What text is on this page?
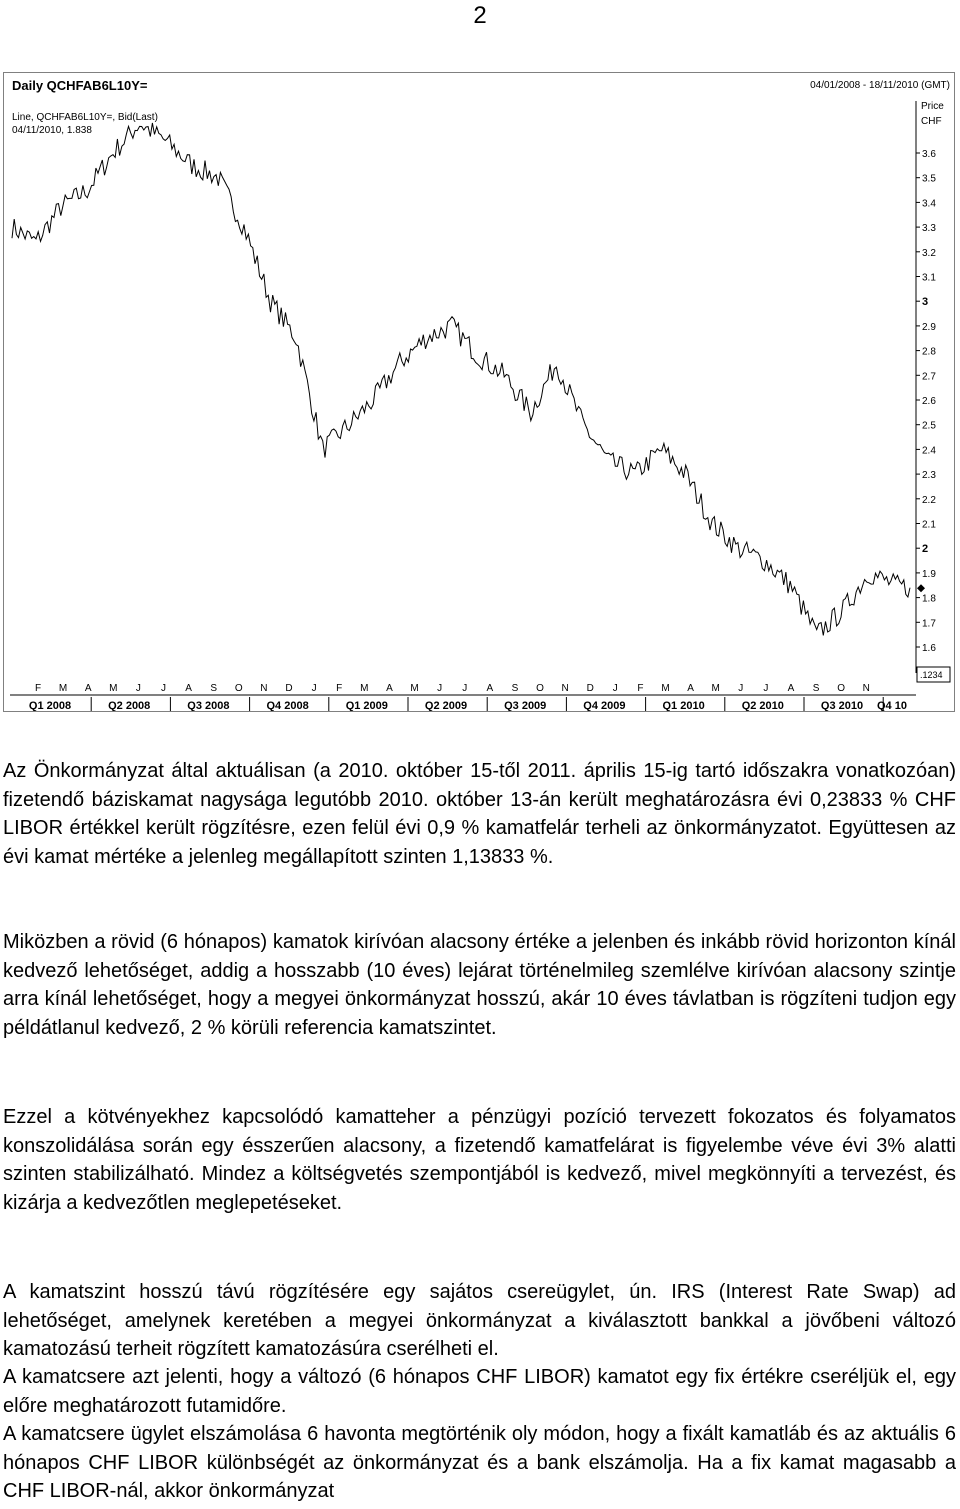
2
3.6
3.5
3.4
3.3
3.2
3.1
3
2.9
2.8
2.7
2.6
2.5
2.4
2.3
2.2
2.1
2
1.9
1.8
1.7
1.6
F M A M J J A S O N D J F M A M J J A S O N D J F M A M J J A S O N
Q1 2008	Q2 2008	Q3 2008	Q4 2008	Q1 2009	Q2 2009	Q3 2009	Q4 2009	Q1 2010	Q2 2010	Q3 2010
.1234
Q4 10
Daily QCHFAB6L10Y=	04/01/2008 - 18/11/2010 (GMT)
Line, QCHFAB6L10Y=, Bid(Last)
04/11/2010, 1.838
Price
CHF

Az Önkormányzat által aktuálisan (a 2010. október 15-től 2011. április 15-ig tartó időszakra vonatkozóan) fizetendő báziskamat nagysága legutóbb 2010. október 13-án került meghatározásra évi 0,23833 % CHF LIBOR értékkel került rögzítésre, ezen felül évi 0,9 % kamatfelár terheli az önkormányzatot. Együttesen az évi kamat mértéke a jelenleg megállapított szinten 1,13833 %.

Miközben a rövid (6 hónapos) kamatok kirívóan alacsony értéke a jelenben és inkább rövid horizonton kínál kedvező lehetőséget, addig a hosszabb (10 éves) lejárat történelmileg szemlélve kirívóan alacsony szintje arra kínál lehetőséget, hogy a megyei önkormányzat hosszú, akár 10 éves távlatban is rögzíteni tudjon egy példátlanul kedvező, 2 % körüli referencia kamatszintet.

Ezzel a kötvényekhez kapcsolódó kamatteher a pénzügyi pozíció tervezett fokozatos és folyamatos konszolidálása során egy ésszerűen alacsony, a fizetendő kamatfelárat is figyelembe véve évi 3% alatti szinten stabilizálható. Mindez a költségvetés szempontjából is kedvező, mivel megkönnyíti a tervezést, és kizárja a kedvezőtlen meglepetéseket.

A kamatszint hosszú távú rögzítésére egy sajátos csereügylet, ún. IRS (Interest Rate Swap) ad lehetőséget, amelynek keretében a megyei önkormányzat a kiválasztott bankkal a jövőbeni változó kamatozású terheit rögzített kamatozásúra cserélheti el.

A kamatcsere azt jelenti, hogy a változó (6 hónapos CHF LIBOR) kamatot egy fix értékre cseréljük el, egy előre meghatározott futamidőre.

A kamatcsere ügylet elszámolása 6 havonta megtörténik oly módon, hogy a fixált kamatláb és az aktuális 6 hónapos CHF LIBOR különbségét az önkormányzat és a bank elszámolja. Ha a fix kamat magasabb a CHF LIBOR-nál, akkor önkormányzat
